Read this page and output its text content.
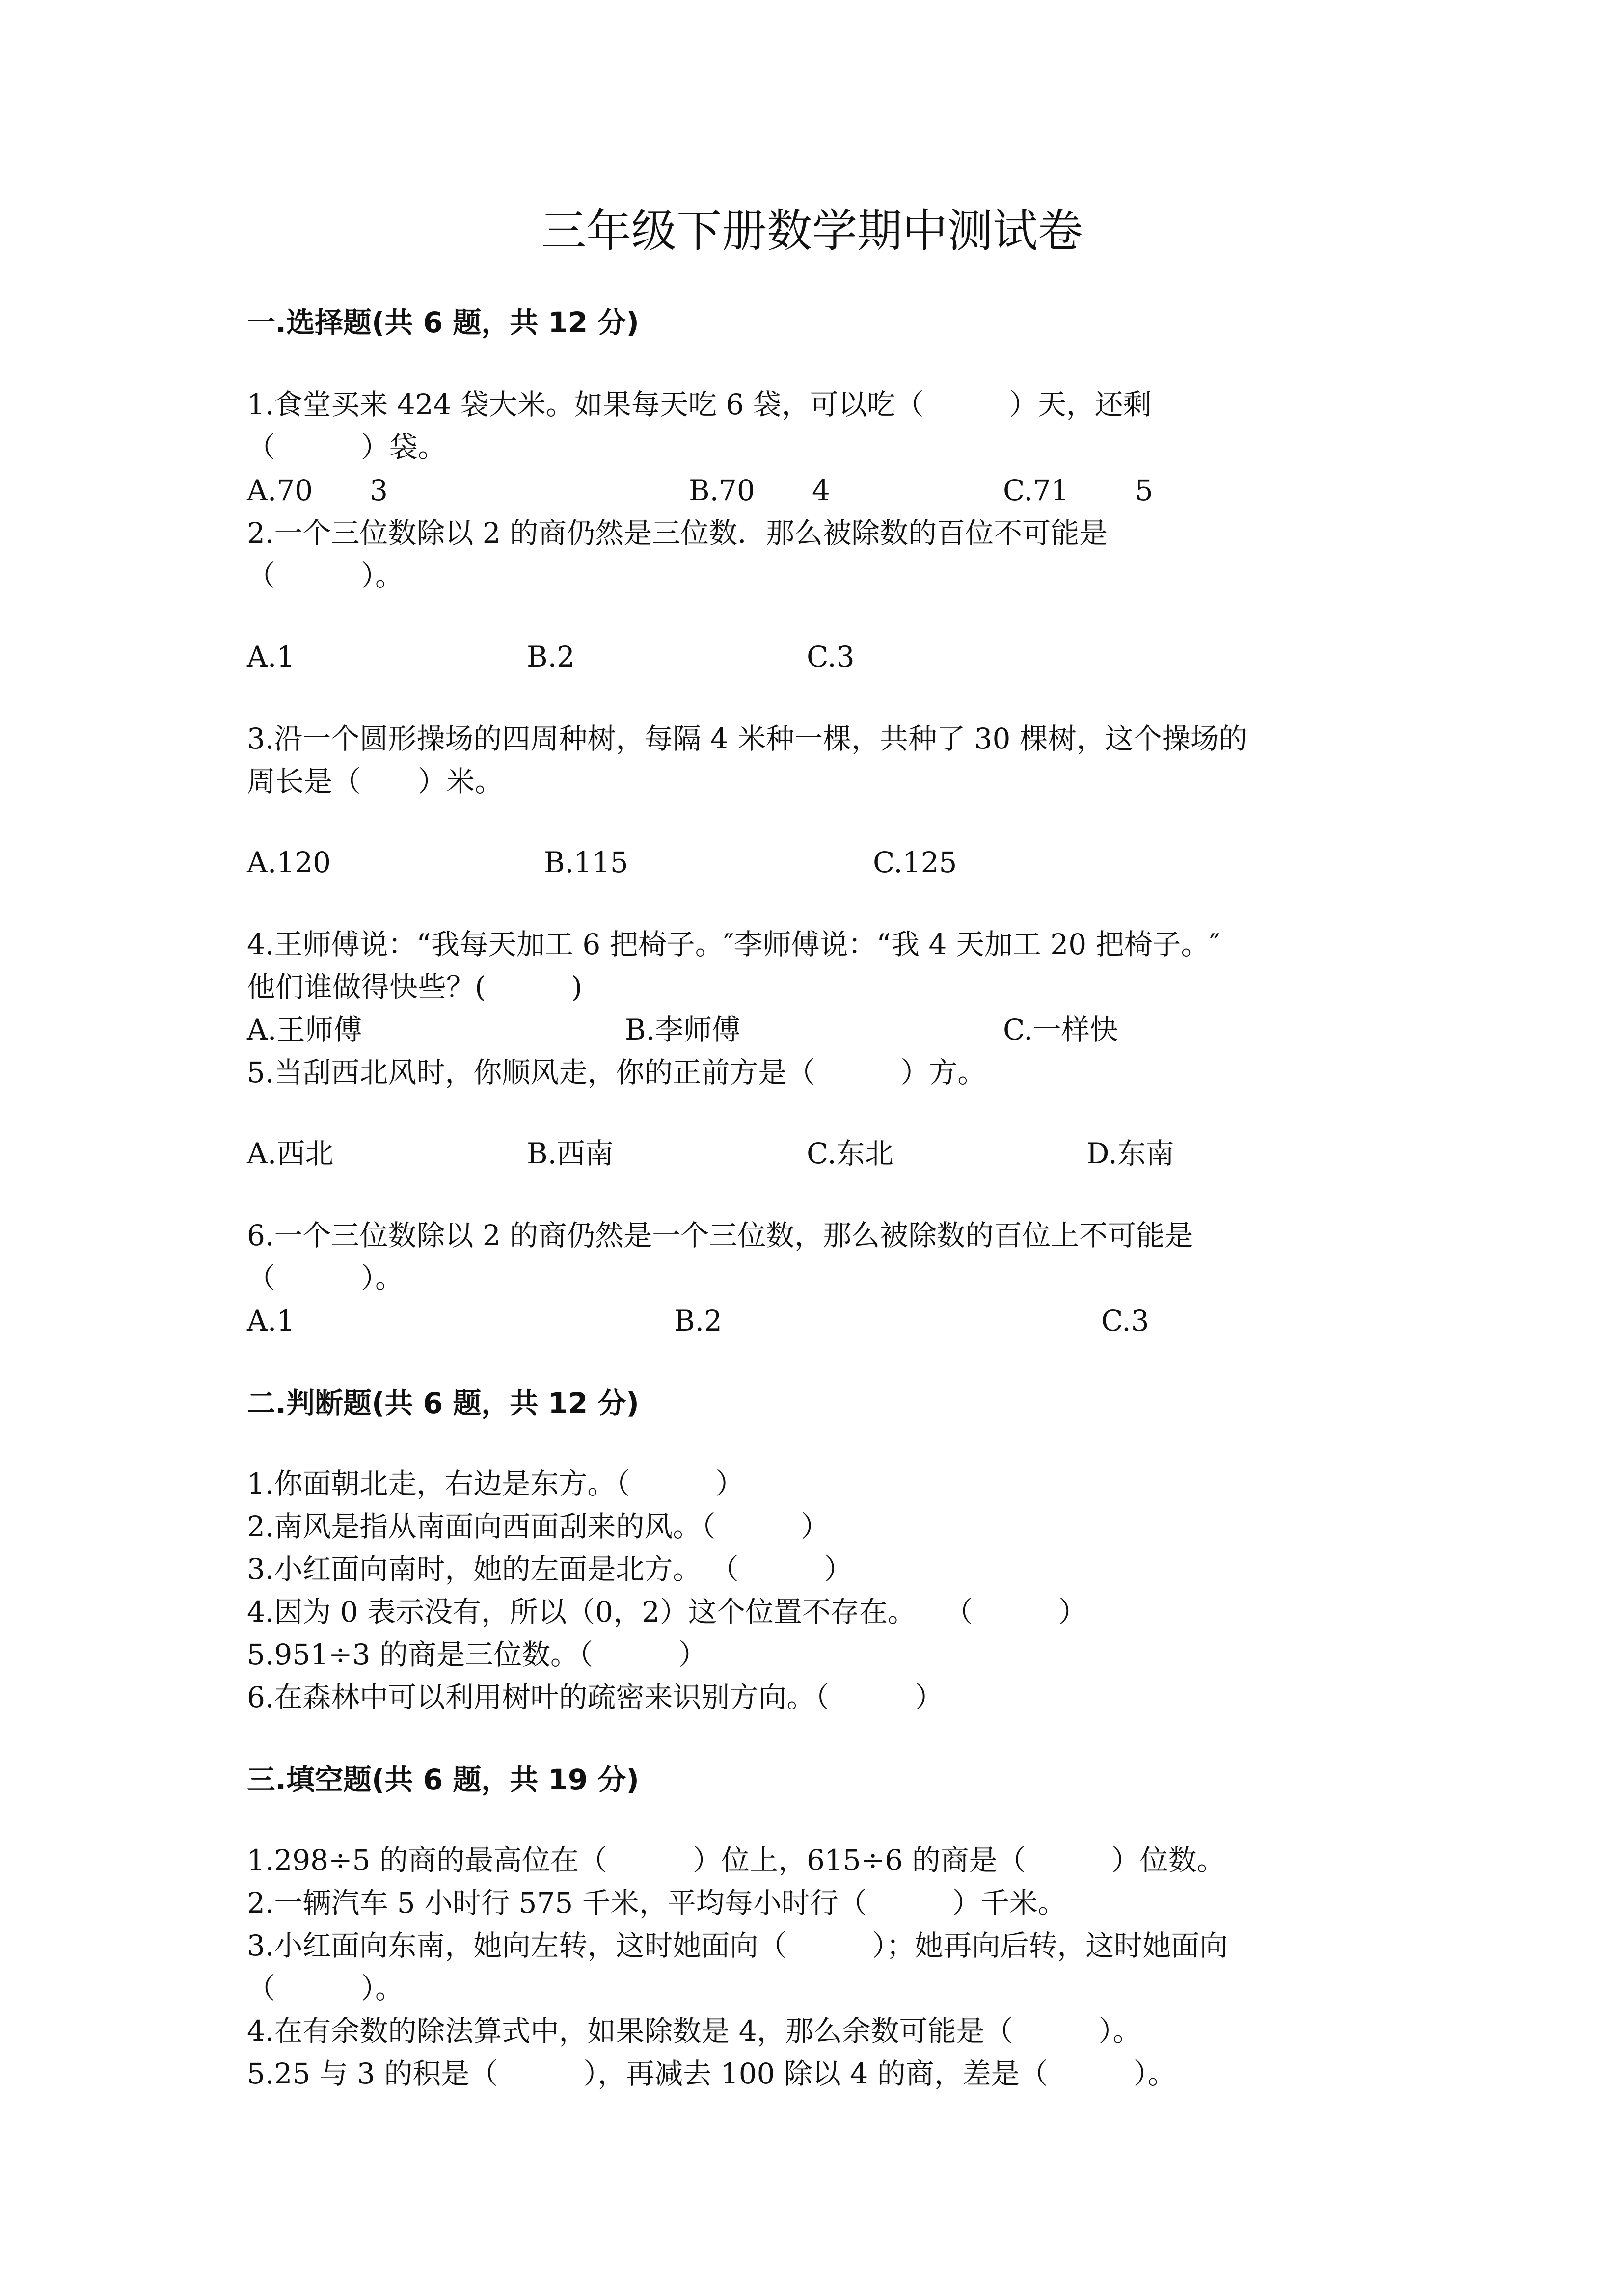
三年级下册数学期中测试卷
一.选择题(共 6 题，共 12 分)
1.食堂买来 424 袋大米。如果每天吃 6 袋，可以吃（　　　）天，还剩
（　　　）袋。
A.70　　3	B.70　　4	C.71　　 5
2.一个三位数除以 2 的商仍然是三位数．那么被除数的百位不可能是
（　　　）。
A.1	B.2	C.3
3.沿一个圆形操场的四周种树，每隔 4 米种一棵，共种了 30 棵树，这个操场的
周长是（　　）米。
A.120	B.115	C.125
4.王师傅说：“我每天加工 6 把椅子。″李师傅说：“我 4 天加工 20 把椅子。″
他们谁做得快些？(　　　)
A.王师傅	B.李师傅	C.一样快
5.当刮西北风时，你顺风走，你的正前方是（　　　）方。
A.西北	B.西南	C.东北	D.东南
6.一个三位数除以 2 的商仍然是一个三位数，那么被除数的百位上不可能是
（　　　）。
A.1	B.2	C.3
二.判断题(共 6 题，共 12 分)
1.你面朝北走，右边是东方。（　　　）
2.南风是指从南面向西面刮来的风。（　　　）
3.小红面向南时，她的左面是北方。 （　　　）
4.因为 0 表示没有，所以（0，2）这个位置不存在。　　（　　　）
5.951÷3 的商是三位数。（　　　）
6.在森林中可以利用树叶的疏密来识别方向。（　　　）
三.填空题(共 6 题，共 19 分)
1.298÷5 的商的最高位在（　　　）位上，615÷6 的商是（　　　）位数。
2.一辆汽车 5 小时行 575 千米，平均每小时行（　　　）千米。
3.小红面向东南，她向左转，这时她面向（　　　）；她再向后转，这时她面向
（　　　）。
4.在有余数的除法算式中，如果除数是 4，那么余数可能是（　　　）。
5.25 与 3 的积是（　　　），再减去 100 除以 4 的商，差是（　　　）。
